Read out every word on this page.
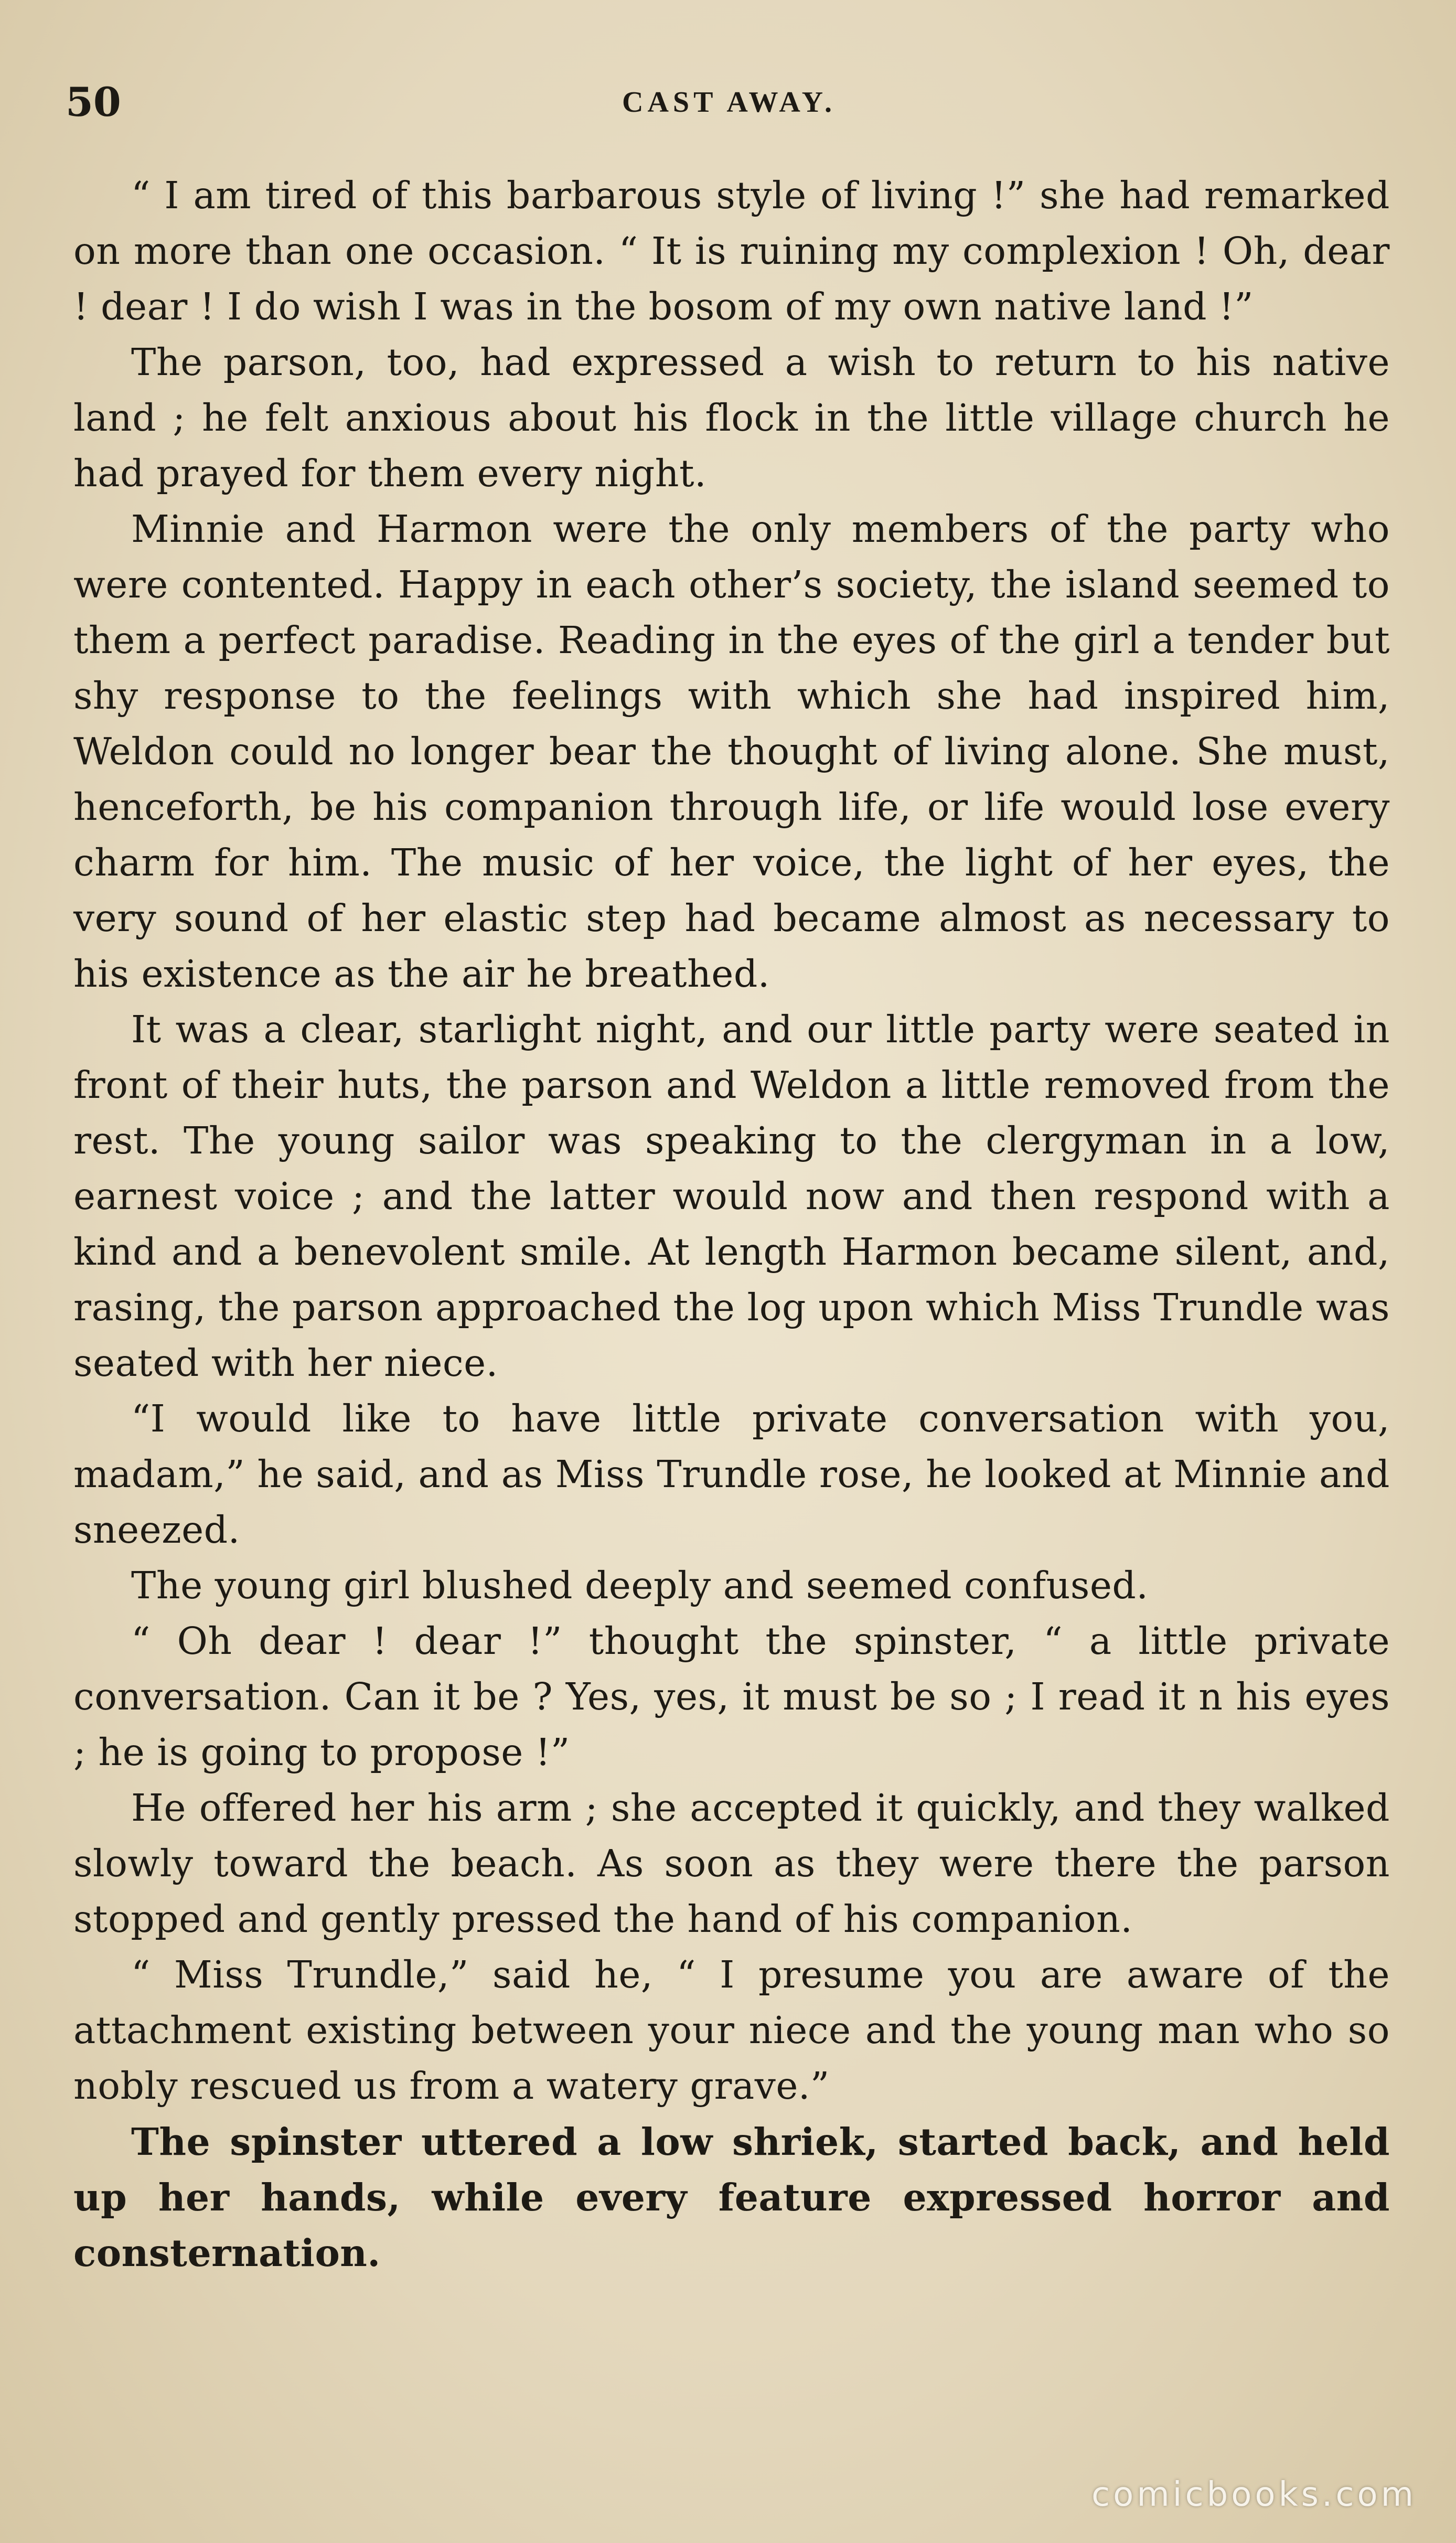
50	CAST AWAY.

“ I am tired of this barbarous style of living !” she had remarked on more than one occasion. “ It is ruining my complexion ! Oh, dear ! dear ! I do wish I was in the bosom of my own native land !”

The parson, too, had expressed a wish to return to his native land ; he felt anxious about his flock in the little village church he had prayed for them every night.

Minnie and Harmon were the only members of the party who were contented. Happy in each other’s society, the island seemed to them a perfect paradise. Reading in the eyes of the girl a tender but shy response to the feelings with which she had inspired him, Weldon could no longer bear the thought of living alone. She must, henceforth, be his companion through life, or life would lose every charm for him. The music of her voice, the light of her eyes, the very sound of her elastic step had became almost as necessary to his existence as the air he breathed.

It was a clear, starlight night, and our little party were seated in front of their huts, the parson and Weldon a little removed from the rest. The young sailor was speaking to the clergyman in a low, earnest voice ; and the latter would now and then respond with a kind and a benevolent smile. At length Harmon became silent, and, rasing, the parson approached the log upon which Miss Trundle was seated with her niece.

“I would like to have little private conversation with you, madam,” he said, and as Miss Trundle rose, he looked at Minnie and sneezed.

The young girl blushed deeply and seemed confused.

“ Oh dear ! dear !” thought the spinster, “ a little private conversation. Can it be ? Yes, yes, it must be so ; I read it n his eyes ; he is going to propose !”

He offered her his arm ; she accepted it quickly, and they walked slowly toward the beach. As soon as they were there the parson stopped and gently pressed the hand of his companion.

“ Miss Trundle,” said he, “ I presume you are aware of the attachment existing between your niece and the young man who so nobly rescued us from a watery grave.”

The spinster uttered a low shriek, started back, and held up her hands, while every feature expressed horror and consternation.

comicbooks.com
